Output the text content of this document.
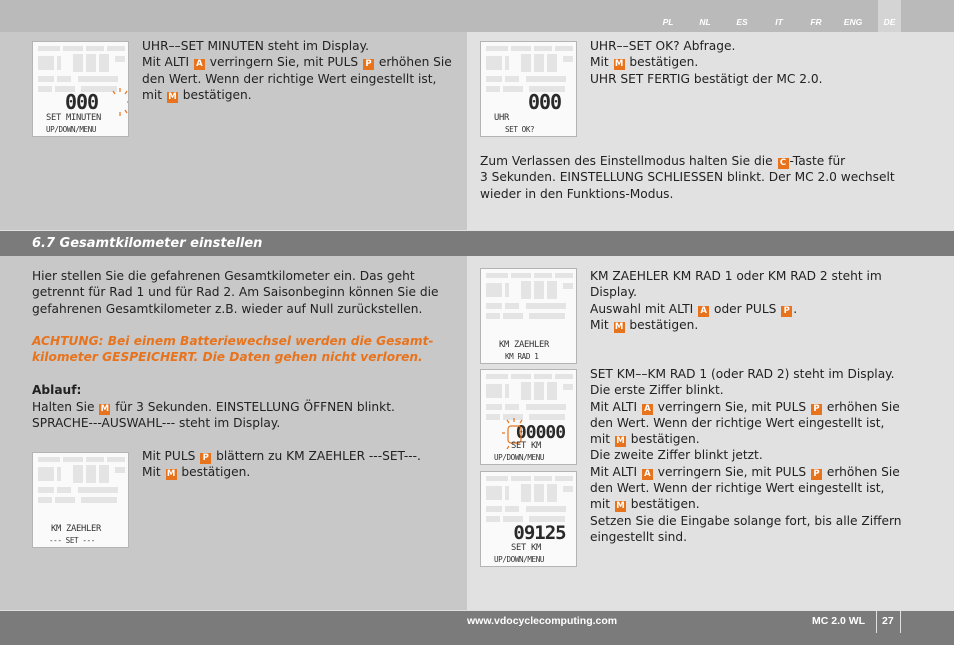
PL	NL	ES	IT	FR	ENG	DE
6.7 Gesamtkilometer einstellen
000
SET MINUTEN
UP/DOWN/MENU
000
UHR
SET OK?
KM ZAEHLER
--- SET ---
KM ZAEHLER
KM RAD 1
00000
SET KM
UP/DOWN/MENU
09125
SET KM
UP/DOWN/MENU

UHR––SET MINUTEN steht im Display.

Mit ALTI A verringern Sie, mit PULS P erhöhen Sie

den Wert. Wenn der richtige Wert eingestellt ist,

mit M bestätigen.

UHR––SET OK? Abfrage.

Mit M bestätigen.

UHR SET FERTIG bestätigt der MC 2.0.

Zum Verlassen des Einstellmodus halten Sie die C -Taste für

3 Sekunden. EINSTELLUNG SCHLIESSEN blinkt. Der MC 2.0 wechselt

wieder in den Funktions-Modus.

Hier stellen Sie die gefahrenen Gesamtkilometer ein. Das geht

getrennt für Rad 1 und für Rad 2. Am Saisonbeginn können Sie die

gefahrenen Gesamtkilometer z.B. wieder auf Null zurückstellen.

ACHTUNG: Bei einem Batteriewechsel werden die Gesamt-

kilometer GESPEICHERT. Die Daten gehen nicht verloren.

Ablauf:

Halten Sie M für 3 Sekunden. EINSTELLUNG ÖFFNEN blinkt.

SPRACHE---AUSWAHL--- steht im Display.

Mit PULS P blättern zu KM ZAEHLER ---SET---.

Mit M bestätigen.

KM ZAEHLER KM RAD 1 oder KM RAD 2 steht im

Display.

Auswahl mit ALTI A oder PULS P .

Mit M bestätigen.

SET KM––KM RAD 1 (oder RAD 2) steht im Display.

Die erste Ziffer blinkt.

Mit ALTI A verringern Sie, mit PULS P erhöhen Sie

den Wert. Wenn der richtige Wert eingestellt ist,

mit M bestätigen.

Die zweite Ziffer blinkt jetzt.

Mit ALTI A verringern Sie, mit PULS P erhöhen Sie

den Wert. Wenn der richtige Wert eingestellt ist,

mit M bestätigen.

Setzen Sie die Eingabe solange fort, bis alle Ziffern

eingestellt sind.

www.vdocyclecomputing.com	MC 2.0 WL 27
